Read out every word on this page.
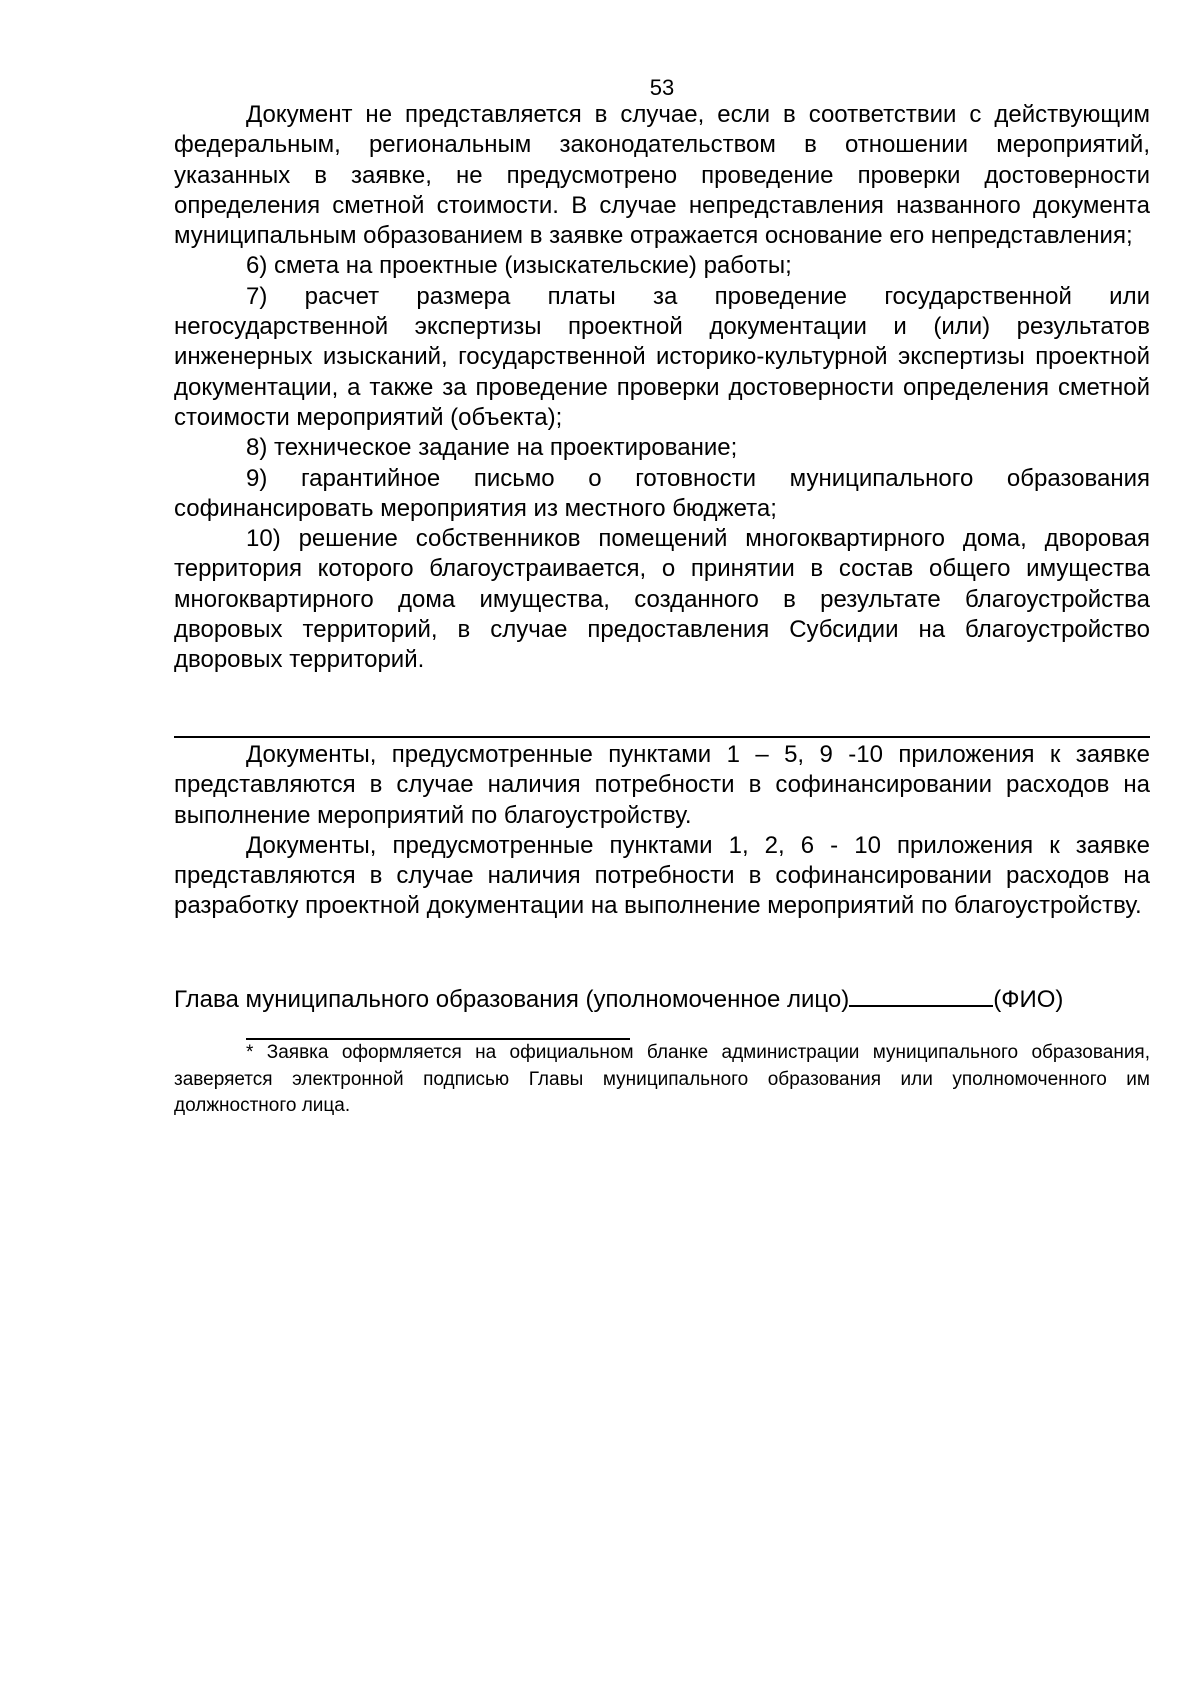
53

Документ не представляется в случае, если в соответствии с действующим федеральным, региональным законодательством в отношении мероприятий, указанных в заявке, не предусмотрено проведение проверки достоверности определения сметной стоимости. В случае непредставления названного документа муниципальным образованием в заявке отражается основание его непредставления;

6) смета на проектные (изыскательские) работы;

7) расчет размера платы за проведение государственной или негосударственной экспертизы проектной документации и (или) результатов инженерных изысканий, государственной историко-культурной экспертизы проектной документации, а также за проведение проверки достоверности определения сметной стоимости мероприятий (объекта);

8) техническое задание на проектирование;

9) гарантийное письмо о готовности муниципального образования софинансировать мероприятия из местного бюджета;

10) решение собственников помещений многоквартирного дома, дворовая территория которого благоустраивается, о принятии в состав общего имущества многоквартирного дома имущества, созданного в результате благоустройства дворовых территорий, в случае предоставления Субсидии на благоустройство дворовых территорий.

Документы, предусмотренные пунктами 1 – 5, 9 -10 приложения к заявке представляются в случае наличия потребности в софинансировании расходов на выполнение мероприятий по благоустройству.

Документы, предусмотренные пунктами 1, 2, 6 - 10 приложения к заявке представляются в случае наличия потребности в софинансировании расходов на разработку проектной документации на выполнение мероприятий по благоустройству.

Глава муниципального образования (уполномоченное лицо)	(ФИО)

* Заявка оформляется на официальном бланке администрации муниципального образования, заверяется электронной подписью Главы муниципального образования или уполномоченного им должностного лица.
